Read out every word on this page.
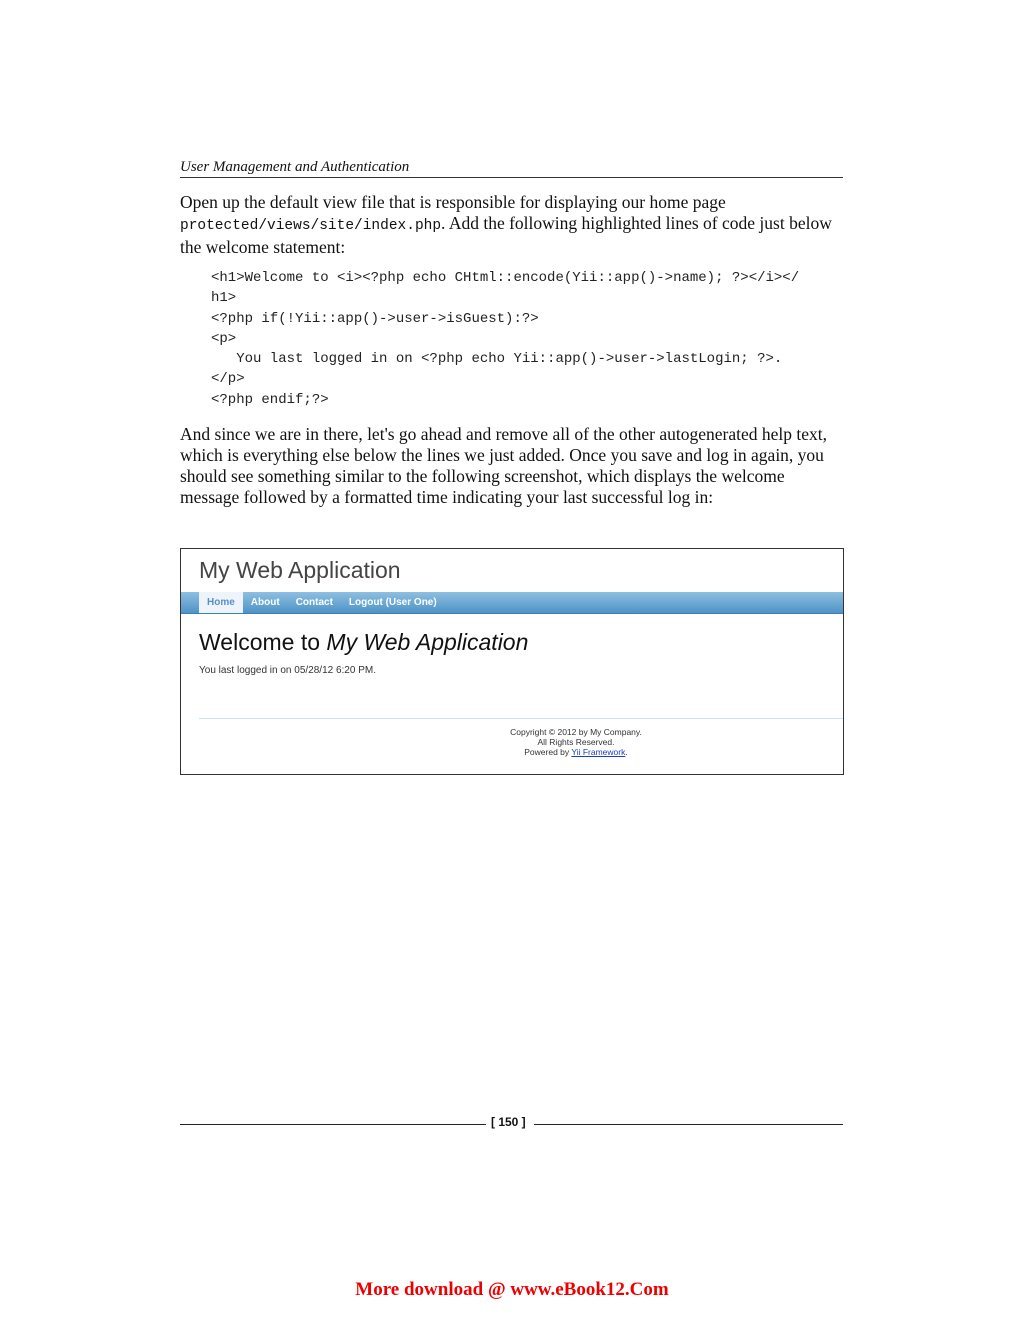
User Management and Authentication
Open up the default view file that is responsible for displaying our home page protected/views/site/index.php. Add the following highlighted lines of code just below the welcome statement:
<h1>Welcome to <i><?php echo CHtml::encode(Yii::app()->name); ?></i></
h1>
<?php if(!Yii::app()->user->isGuest):?>
<p>
You last logged in on <?php echo Yii::app()->user->lastLogin; ?>.
</p>
<?php endif;?>
And since we are in there, let's go ahead and remove all of the other autogenerated help text, which is everything else below the lines we just added. Once you save and log in again, you should see something similar to the following screenshot, which displays the welcome message followed by a formatted time indicating your last successful log in:
My Web Application
Home About Contact Logout (User One)
Welcome to My Web Application
You last logged in on 05/28/12 6:20 PM.
Copyright © 2012 by My Company.
All Rights Reserved.
Powered by Yii Framework.
[ 150 ]
More download @ www.eBook12.Com
